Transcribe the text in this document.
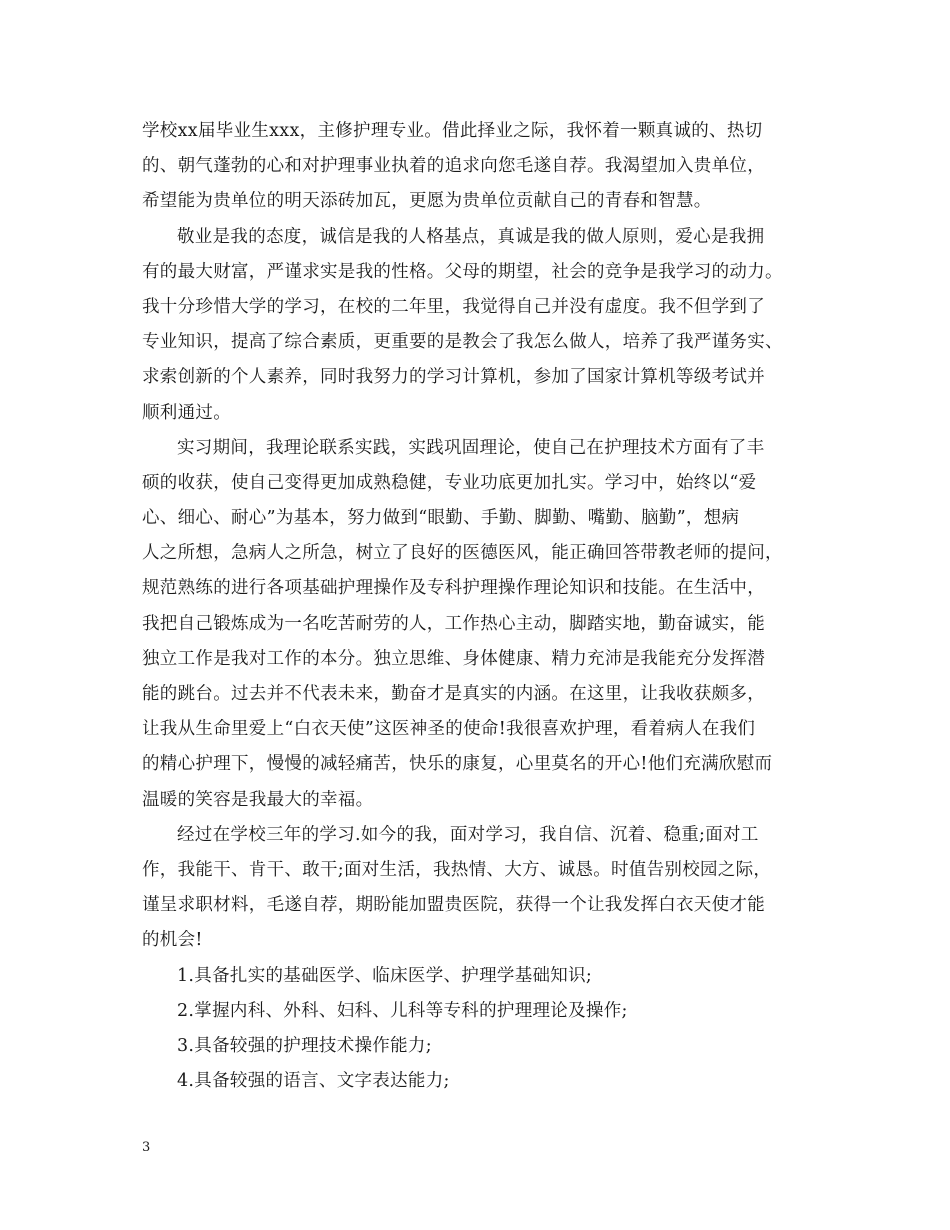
学校xx届毕业生xxx，主修护理专业。借此择业之际，我怀着一颗真诚的、热切
的、朝气蓬勃的心和对护理事业执着的追求向您毛遂自荐。我渴望加入贵单位，
希望能为贵单位的明天添砖加瓦，更愿为贵单位贡献自己的青春和智慧。
敬业是我的态度，诚信是我的人格基点，真诚是我的做人原则，爱心是我拥
有的最大财富，严谨求实是我的性格。父母的期望，社会的竞争是我学习的动力。
我十分珍惜大学的学习，在校的二年里，我觉得自己并没有虚度。我不但学到了
专业知识，提高了综合素质，更重要的是教会了我怎么做人，培养了我严谨务实、
求索创新的个人素养，同时我努力的学习计算机，参加了国家计算机等级考试并
顺利通过。
实习期间，我理论联系实践，实践巩固理论，使自己在护理技术方面有了丰
硕的收获，使自己变得更加成熟稳健，专业功底更加扎实。学习中，始终以“爱
心、细心、耐心”为基本，努力做到“眼勤、手勤、脚勤、嘴勤、脑勤”，想病
人之所想，急病人之所急，树立了良好的医德医风，能正确回答带教老师的提问，
规范熟练的进行各项基础护理操作及专科护理操作理论知识和技能。在生活中，
我把自己锻炼成为一名吃苦耐劳的人，工作热心主动，脚踏实地，勤奋诚实，能
独立工作是我对工作的本分。独立思维、身体健康、精力充沛是我能充分发挥潜
能的跳台。过去并不代表未来，勤奋才是真实的内涵。在这里，让我收获颇多，
让我从生命里爱上“白衣天使”这医神圣的使命!我很喜欢护理，看着病人在我们
的精心护理下，慢慢的减轻痛苦，快乐的康复，心里莫名的开心!他们充满欣慰而
温暖的笑容是我最大的幸福。
经过在学校三年的学习.如今的我，面对学习，我自信、沉着、稳重;面对工
作，我能干、肯干、敢干;面对生活，我热情、大方、诚恳。时值告别校园之际，
谨呈求职材料，毛遂自荐，期盼能加盟贵医院，获得一个让我发挥白衣天使才能
的机会!
1.具备扎实的基础医学、临床医学、护理学基础知识;
2.掌握内科、外科、妇科、儿科等专科的护理理论及操作;
3.具备较强的护理技术操作能力;
4.具备较强的语言、文字表达能力;
3
